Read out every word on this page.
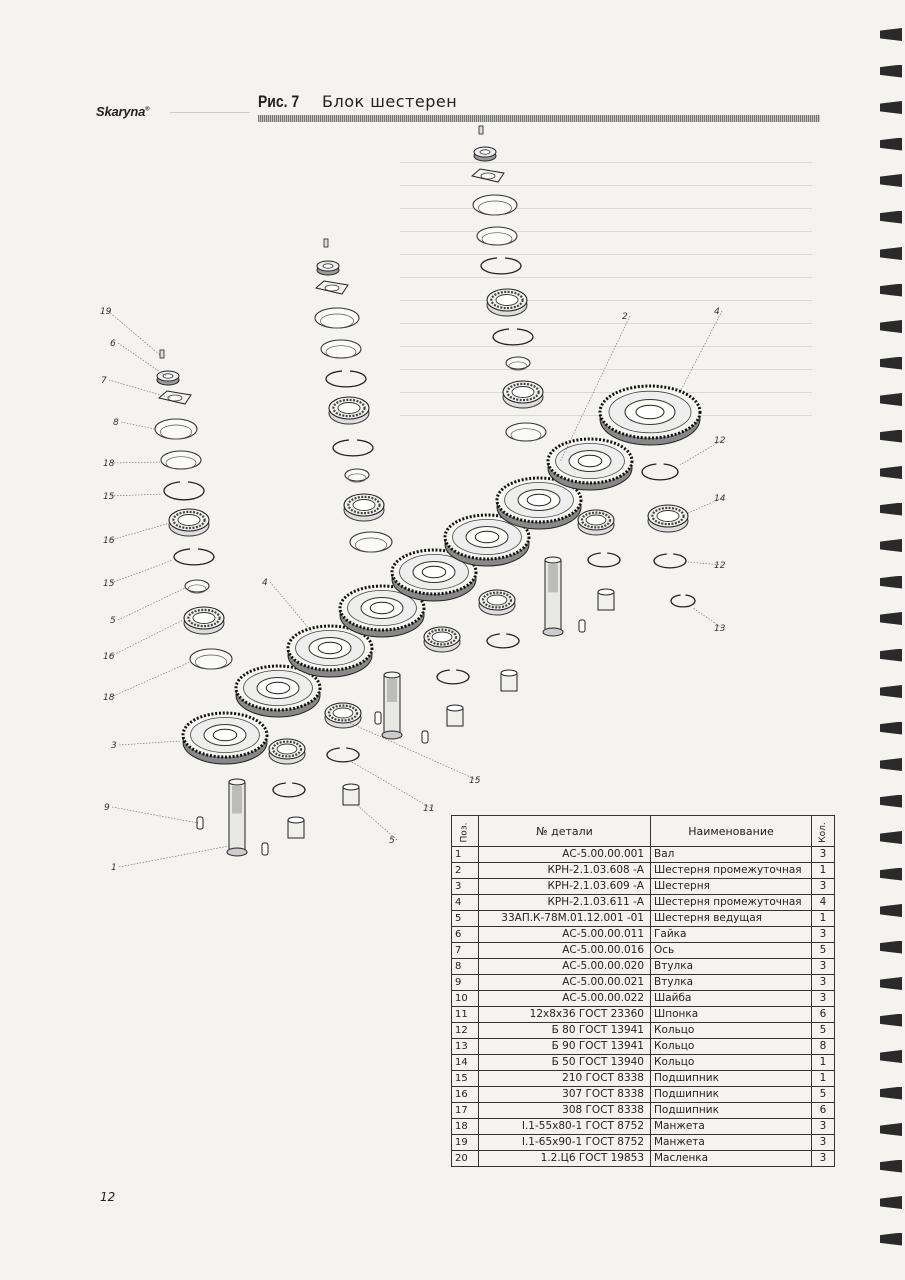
Skaryna®	Рис. 7 Блок шестерен
19
6
7
8
18
15
16
15
5
16
18
3
9
1
4
2	4
12
14
12
13
15
11
5	Поз.	№ детали	Наименование	Кол.
1	АС-5.00.00.001	Вал	3
2	КРН-2.1.03.608 -А	Шестерня промежуточная	1
3	КРН-2.1.03.609 -А	Шестерня	3
4	КРН-2.1.03.611 -А	Шестерня промежуточная	4
5	33АП.К-78М.01.12.001 -01	Шестерня ведущая	1
6	АС-5.00.00.011	Гайка	3
7	АС-5.00.00.016	Ось	5
8	АС-5.00.00.020	Втулка	3
9	АС-5.00.00.021	Втулка	3
10	АС-5.00.00.022	Шайба	3
11	12х8х36 ГОСТ 23360	Шпонка	6
12	Б 80 ГОСТ 13941	Кольцо	5
13	Б 90 ГОСТ 13941	Кольцо	8
14	Б 50 ГОСТ 13940	Кольцо	1
15	210 ГОСТ 8338	Подшипник	1
16	307 ГОСТ 8338	Подшипник	5
17	308 ГОСТ 8338	Подшипник	6
18	I.1-55х80-1 ГОСТ 8752	Манжета	3
19	I.1-65х90-1 ГОСТ 8752	Манжета	3
20	1.2.Ц6 ГОСТ 19853	Масленка	3
12
